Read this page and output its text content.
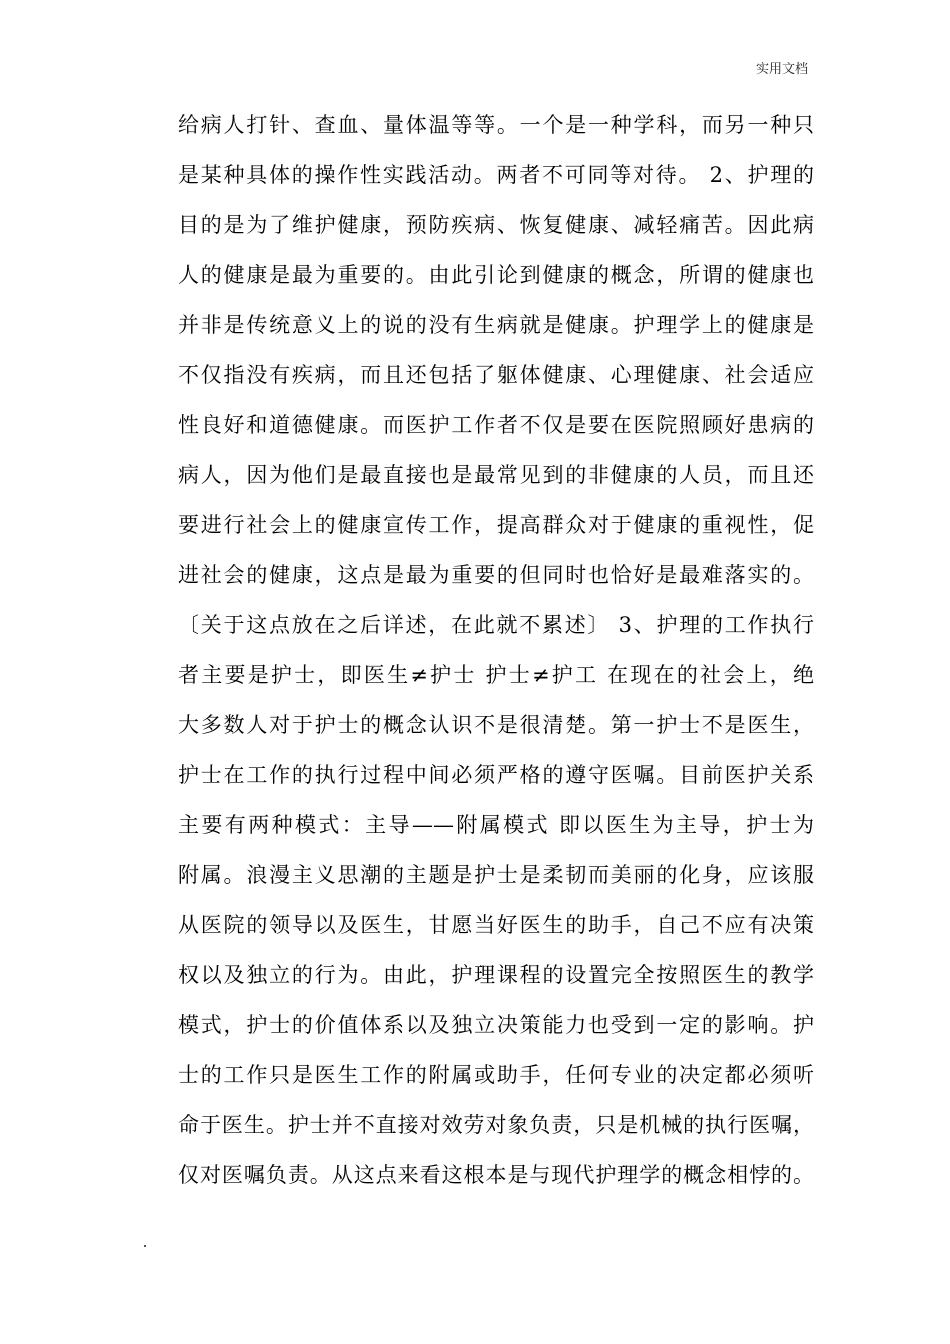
实用文档
给病人打针、查血、量体温等等。一个是一种学科，而另一种只
是某种具体的操作性实践活动。两者不可同等对待。 2、护理的
目的是为了维护健康，预防疾病、恢复健康、减轻痛苦。因此病
人的健康是最为重要的。由此引论到健康的概念，所谓的健康也
并非是传统意义上的说的没有生病就是健康。护理学上的健康是
不仅指没有疾病，而且还包括了躯体健康、心理健康、社会适应
性良好和道德健康。而医护工作者不仅是要在医院照顾好患病的
病人，因为他们是最直接也是最常见到的非健康的人员，而且还
要进行社会上的健康宣传工作，提高群众对于健康的重视性，促
进社会的健康，这点是最为重要的但同时也恰好是最难落实的。
〔关于这点放在之后详述，在此就不累述〕 3、护理的工作执行
者主要是护士，即医生≠护士 护士≠护工 在现在的社会上，绝
大多数人对于护士的概念认识不是很清楚。第一护士不是医生，
护士在工作的执行过程中间必须严格的遵守医嘱。目前医护关系
主要有两种模式：主导——附属模式 即以医生为主导，护士为
附属。浪漫主义思潮的主题是护士是柔韧而美丽的化身，应该服
从医院的领导以及医生，甘愿当好医生的助手，自己不应有决策
权以及独立的行为。由此，护理课程的设置完全按照医生的教学
模式，护士的价值体系以及独立决策能力也受到一定的影响。护
士的工作只是医生工作的附属或助手，任何专业的决定都必须听
命于医生。护士并不直接对效劳对象负责，只是机械的执行医嘱，
仅对医嘱负责。从这点来看这根本是与现代护理学的概念相悖的。
